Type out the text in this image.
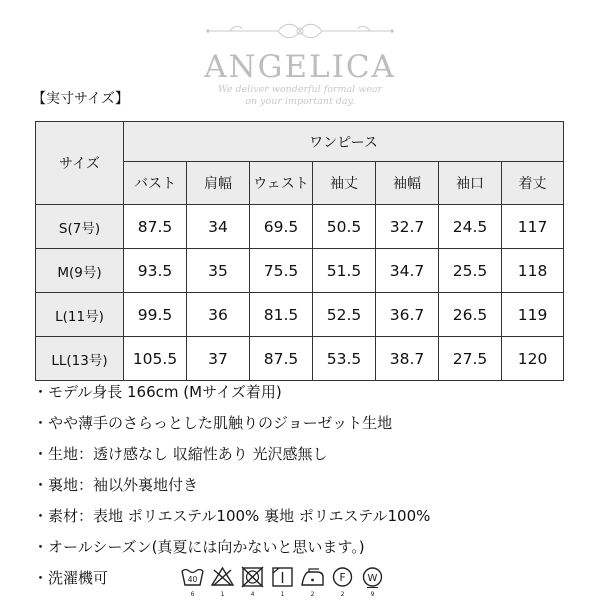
ANGELICA
We deliver wonderful formal wear
on your important day.
【実寸サイズ】
サイズ	ワンピース						
	バスト	肩幅	ウェスト	袖丈	袖幅	袖口	着丈
S(7号)	87.5	34	69.5	50.5	32.7	24.5	117
M(9号)	93.5	35	75.5	51.5	34.7	25.5	118
L(11号)	99.5	36	81.5	52.5	36.7	26.5	119
LL(13号)	105.5	37	87.5	53.5	38.7	27.5	120
・モデル身長 166cm (Mサイズ着用)
・やや薄手のさらっとした肌触りのジョーゼット生地
・生地：透け感なし 収縮性あり 光沢感無し
・裏地：袖以外裏地付き
・素材：表地 ポリエステル100% 裏地 ポリエステル100%
・オールシーズン(真夏には向かないと思います。)
・洗濯機可	40
6	1	4	1	2
F
2
W
9
